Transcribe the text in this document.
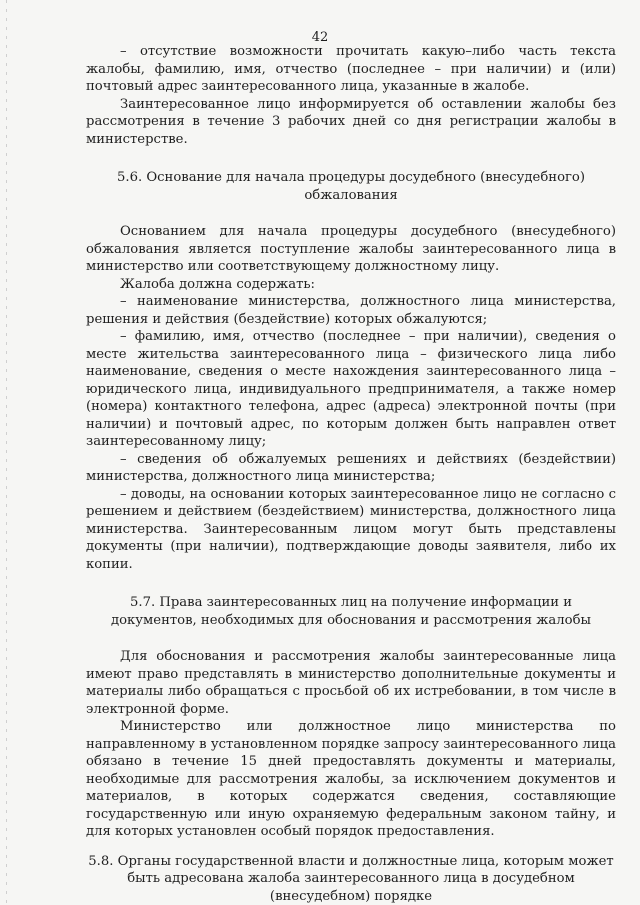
42

– отсутствие возможности прочитать какую–либо часть текста жалобы, фамилию, имя, отчество (последнее – при наличии) и (или) почтовый адрес заинтересованного лица, указанные в жалобе.

Заинтересованное лицо информируется об оставлении жалобы без рассмотрения в течение 3 рабочих дней со дня регистрации жалобы в министерстве.

5.6. Основание для начала процедуры досудебного (внесудебного) обжалования

Основанием для начала процедуры досудебного (внесудебного) обжалования является поступление жалобы заинтересованного лица в министерство или соответствующему должностному лицу.

Жалоба должна содержать:

– наименование министерства, должностного лица министерства, решения и действия (бездействие) которых обжалуются;

– фамилию, имя, отчество (последнее – при наличии), сведения о месте жительства заинтересованного лица – физического лица либо наименование, сведения о месте нахождения заинтересованного лица – юридического лица, индивидуального предпринимателя, а также номер (номера) контактного телефона, адрес (адреса) электронной почты (при наличии) и почтовый адрес, по которым должен быть направлен ответ заинтересованному лицу;

– сведения об обжалуемых решениях и действиях (бездействии) министерства, должностного лица министерства;

– доводы, на основании которых заинтересованное лицо не согласно с решением и действием (бездействием) министерства, должностного лица министерства. Заинтересованным лицом могут быть представлены документы (при наличии), подтверждающие доводы заявителя, либо их копии.

5.7. Права заинтересованных лиц на получение информации и документов, необходимых для обоснования и рассмотрения жалобы

Для обоснования и рассмотрения жалобы заинтересованные лица имеют право представлять в министерство дополнительные документы и материалы либо обращаться с просьбой об их истребовании, в том числе в электронной форме.

Министерство или должностное лицо министерства по направленному в установленном порядке запросу заинтересованного лица обязано в течение 15 дней предоставлять документы и материалы, необходимые для рассмотрения жалобы, за исключением документов и материалов, в которых содержатся сведения, составляющие государственную или иную охраняемую федеральным законом тайну, и для которых установлен особый порядок предоставления.

5.8. Органы государственной власти и должностные лица, которым может быть адресована жалоба заинтересованного лица в досудебном (внесудебном) порядке
